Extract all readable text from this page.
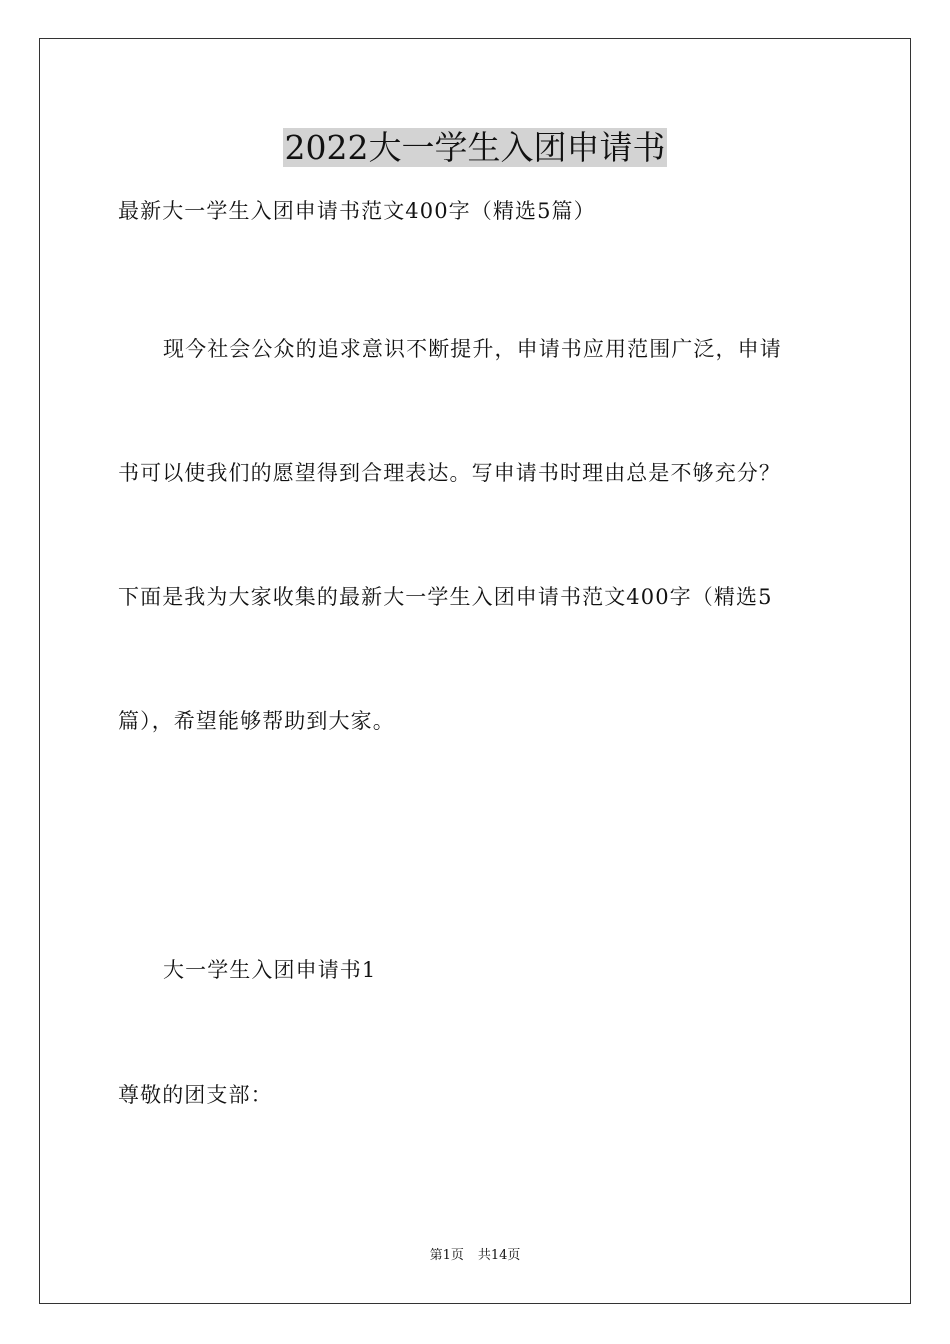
2022大一学生入团申请书
最新大一学生入团申请书范文400字（精选5篇）
现今社会公众的追求意识不断提升，申请书应用范围广泛，申请
书可以使我们的愿望得到合理表达。写申请书时理由总是不够充分？
下面是我为大家收集的最新大一学生入团申请书范文400字（精选5
篇），希望能够帮助到大家。
大一学生入团申请书1
尊敬的团支部：
第1页 共14页
